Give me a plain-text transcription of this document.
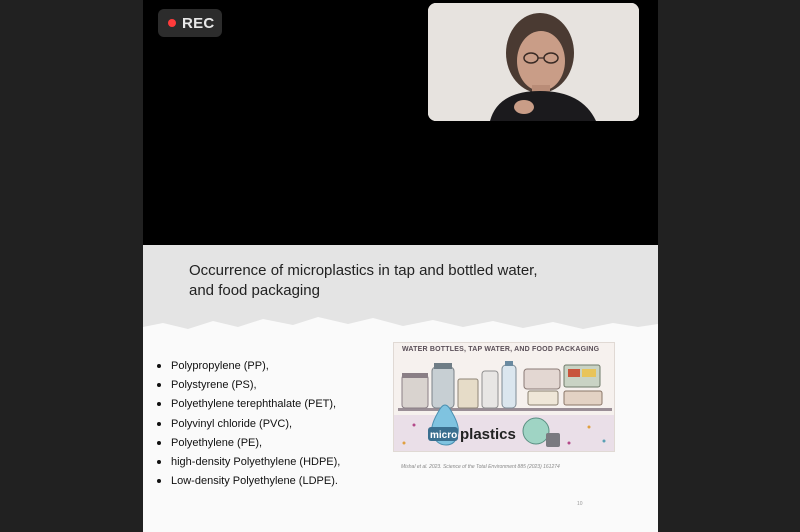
REC
Occurrence of microplastics in tap and bottled water,
and food packaging
Polypropylene (PP),
Polystyrene (PS),
Polyethylene terephthalate (PET),
Polyvinyl chloride (PVC),
Polyethylene (PE),
high-density Polyethylene (HDPE),
Low-density Polyethylene (LDPE).
WATER BOTTLES, TAP WATER, AND FOOD PACKAGING
micro plastics
Mishal et al. 2023. Science of the Total Environment 885 (2023) 161274
10
